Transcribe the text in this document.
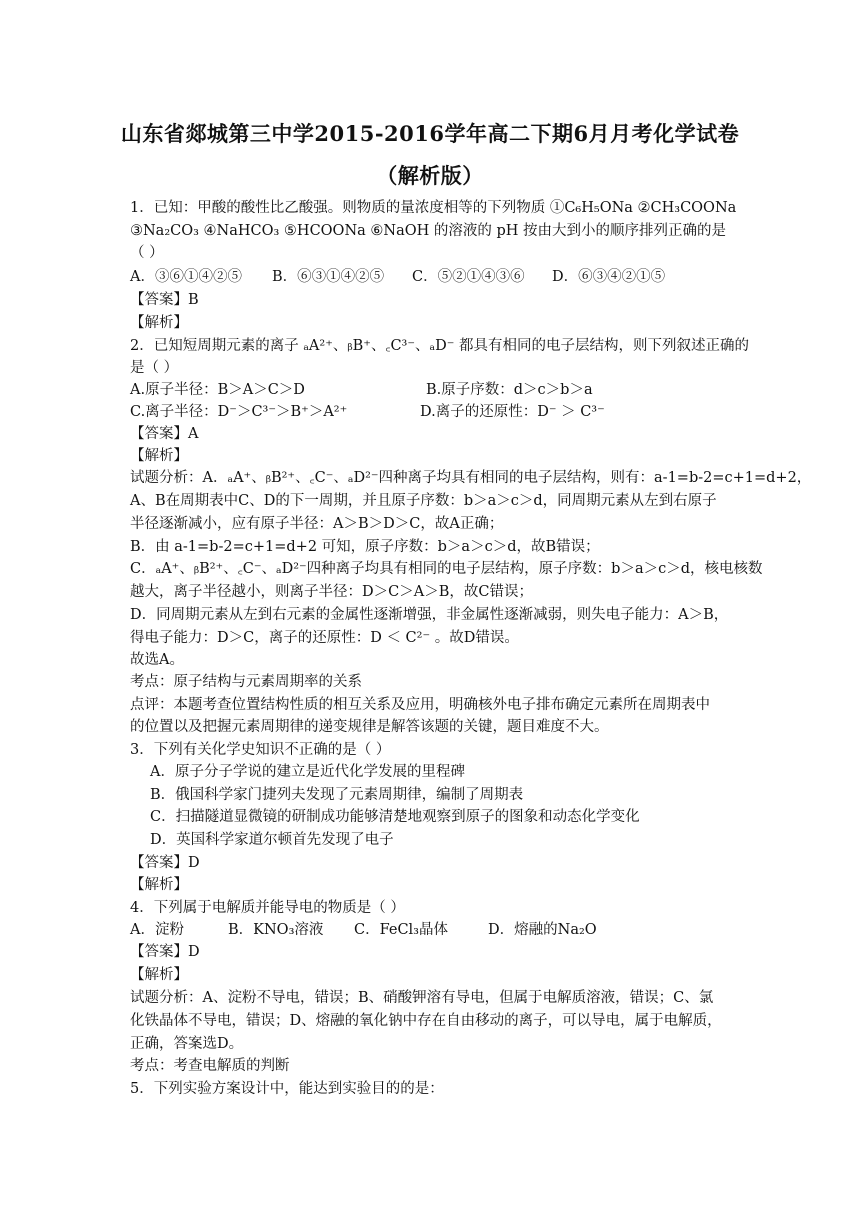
山东省郯城第三中学2015-2016学年高二下期6月月考化学试卷
（解析版）
1．已知：甲酸的酸性比乙酸强。则物质的量浓度相等的下列物质 ①C₆H₅ONa ②CH₃COONa
③Na₂CO₃ ④NaHCO₃ ⑤HCOONa ⑥NaOH 的溶液的 pH 按由大到小的顺序排列正确的是
（ ）
A．③⑥①④②⑤ B．⑥③①④②⑤ C．⑤②①④③⑥ D．⑥③④②①⑤
【答案】B
【解析】
2．已知短周期元素的离子 ₐA²⁺、ᵦB⁺、꜀C³⁻、ₐD⁻ 都具有相同的电子层结构，则下列叙述正确的
是（ ）
A.原子半径：B＞A＞C＞D	B.原子序数：d＞c＞b＞a
C.离子半径：D⁻＞C³⁻＞B⁺＞A²⁺	D.离子的还原性：D⁻ ＞ C³⁻
【答案】A
【解析】
试题分析：A．ₐA⁺、ᵦB²⁺、꜀C⁻、ₐD²⁻四种离子均具有相同的电子层结构，则有：a-1=b-2=c+1=d+2，
A、B在周期表中C、D的下一周期，并且原子序数：b＞a＞c＞d，同周期元素从左到右原子
半径逐渐减小，应有原子半径：A＞B＞D＞C，故A正确；
B．由 a-1=b-2=c+1=d+2 可知，原子序数：b＞a＞c＞d，故B错误；
C．ₐA⁺、ᵦB²⁺、꜀C⁻、ₐD²⁻四种离子均具有相同的电子层结构，原子序数：b＞a＞c＞d，核电核数
越大，离子半径越小，则离子半径：D＞C＞A＞B，故C错误；
D．同周期元素从左到右元素的金属性逐渐增强，非金属性逐渐减弱，则失电子能力：A＞B，
得电子能力：D＞C，离子的还原性：D ＜ C²⁻ 。故D错误。
故选A。
考点：原子结构与元素周期率的关系
点评：本题考查位置结构性质的相互关系及应用，明确核外电子排布确定元素所在周期表中
的位置以及把握元素周期律的递变规律是解答该题的关键，题目难度不大。
3．下列有关化学史知识不正确的是（ ）
A．原子分子学说的建立是近代化学发展的里程碑
B．俄国科学家门捷列夫发现了元素周期律，编制了周期表
C．扫描隧道显微镜的研制成功能够清楚地观察到原子的图象和动态化学变化
D．英国科学家道尔顿首先发现了电子
【答案】D
【解析】
4．下列属于电解质并能导电的物质是（ ）
A．淀粉	B．KNO₃溶液 C．FeCl₃晶体	D．熔融的Na₂O
【答案】D
【解析】
试题分析：A、淀粉不导电，错误；B、硝酸钾溶有导电，但属于电解质溶液，错误；C、氯
化铁晶体不导电，错误；D、熔融的氧化钠中存在自由移动的离子，可以导电，属于电解质，
正确，答案选D。
考点：考查电解质的判断
5．下列实验方案设计中，能达到实验目的的是：
